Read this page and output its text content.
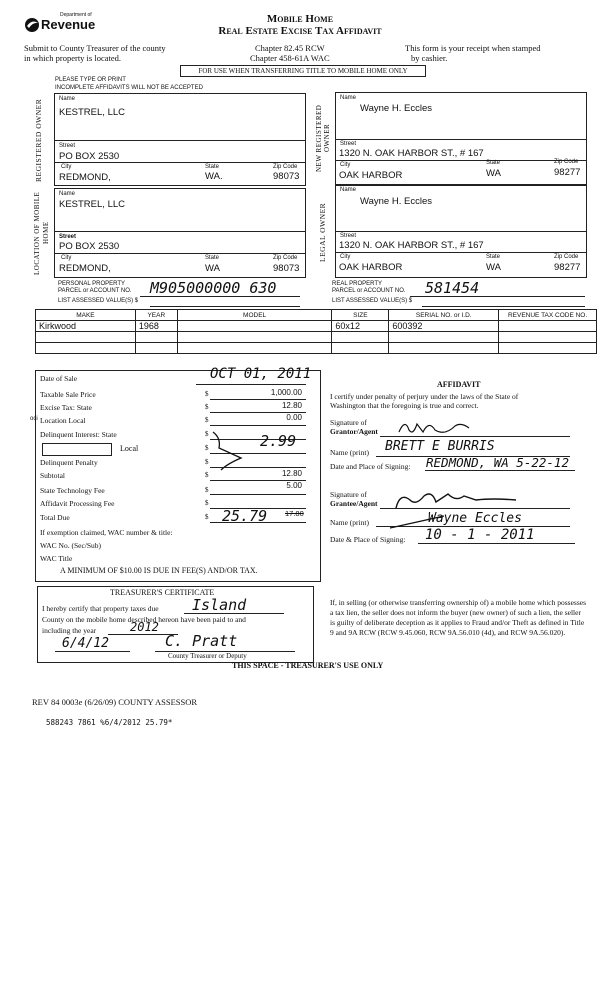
Department of
Revenue	Mobile Home
Real Estate Excise Tax Affidavit
Submit to County Treasurer of the county
in which property is located.
Chapter 82.45 RCW
Chapter 458-61A WAC
This form is your receipt when stamped
by cashier.
FOR USE WHEN TRANSFERRING TITLE TO MOBILE HOME ONLY
PLEASE TYPE OR PRINT
INCOMPLETE AFFIDAVITS WILL NOT BE ACCEPTED
REGISTERED OWNER	Name
KESTREL, LLC
Street
PO BOX 2530
City
REDMOND,
State
WA.
Zip Code
98073
NEW REGISTERED OWNER
Name
Wayne H. Eccles
Street
1320 N. OAK HARBOR ST., # 167
City
OAK HARBOR
State
WA
Zip Code
98277
LOCATION OF MOBILE HOME
Name
KESTREL, LLC
Street
PO BOX 2530
City
REDMOND,
State
WA
Zip Code
98073
LEGAL OWNER
Name
Wayne H. Eccles
Street
1320 N. OAK HARBOR ST., # 167
City
OAK HARBOR
State
WA
Zip Code
98277
PERSONAL PROPERTY
PARCEL or ACCOUNT NO.
LIST ASSESSED VALUE(S) $
M905000000 630	REAL PROPERTY
PARCEL or ACCOUNT NO.
LIST ASSESSED VALUE(S) $
581454
MAKE	YEAR	MODEL	SIZE	SERIAL NO. or I.D.	REVENUE TAX CODE NO.
Kirkwood	1968		60x12	600392	

Date of Sale	OCT 01, 2011
Taxable Sale Price	$	1,000.00
Excise Tax: State	$	12.80
oci Location Local	$	0.00
Delinquent Interest: State	$
Local	$	2.99
Delinquent Penalty	$
Subtotal	$	12.80
State Technology Fee	$	5.00
Affidavit Processing Fee	$
Total Due	$ 25.79 17.80
If exemption claimed, WAC number & title:
WAC No. (Sec/Sub)
WAC Title
A MINIMUM OF $10.00 IS DUE IN FEE(S) AND/OR TAX.
AFFIDAVIT
I certify under penalty of perjury under the laws of the State of
Washington that the foregoing is true and correct.
Signature of
Grantor/Agent
Name (print) BRETT E BURRIS
Date and Place of Signing: REDMOND, WA 5-22-12
Signature of
Grantee/Agent
Name (print)	Wayne Eccles
Date & Place of Signing: 10 - 1 - 2011
TREASURER'S CERTIFICATE
I hereby certify that property taxes due Island
County on the mobile home described hereon have been paid to and
including the year	2012
6/4/12	C. Pratt
County Treasurer or Deputy
If, in selling (or otherwise transferring ownership of) a mobile home which possesses a tax lien, the seller does not inform the buyer (new owner) of such a lien, the seller is guilty of deliberate deception as it applies to Fraud and/or Theft as defined in Title 9 and 9A RCW (RCW 9.45.060, RCW 9A.56.010 (4d), and RCW 9A.56.020).
THIS SPACE - TREASURER'S USE ONLY
REV 84 0003e (6/26/09) COUNTY ASSESSOR
588243 7861 %6/4/2012 25.79*
